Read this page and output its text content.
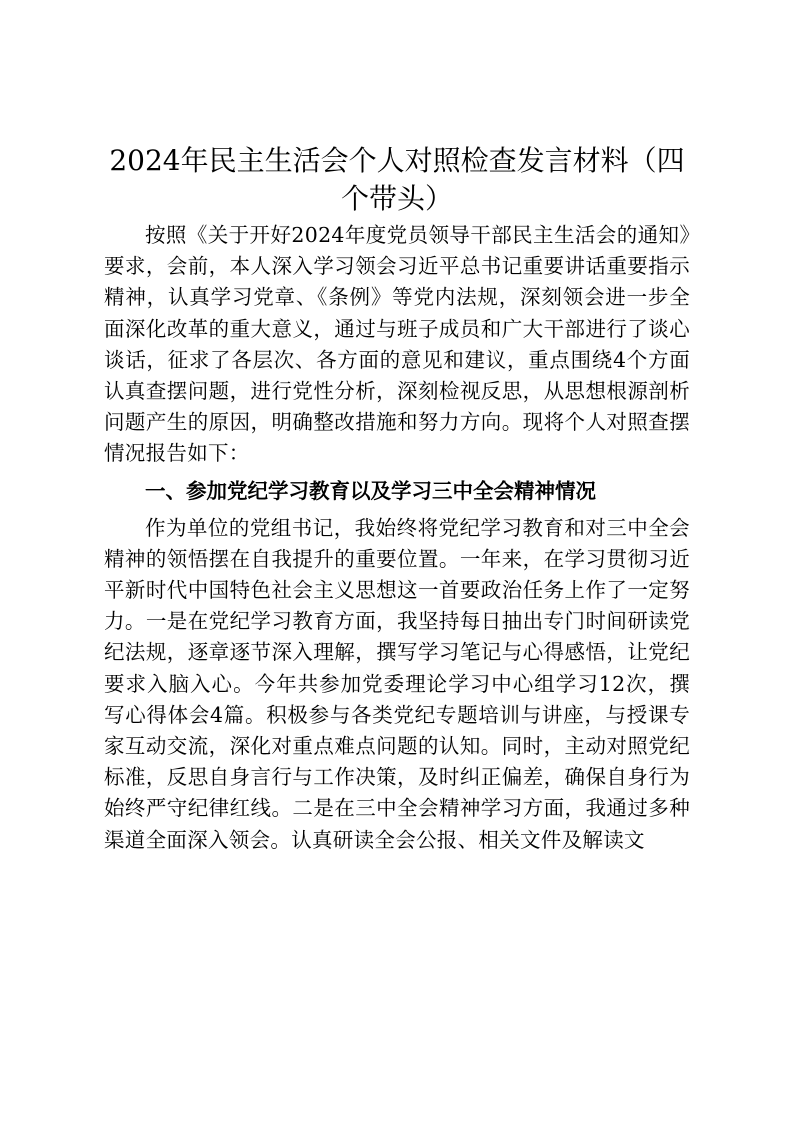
2024年民主生活会个人对照检查发言材料（四个带头）

按照《关于开好2024年度党员领导干部民主生活会的通知》要求，会前，本人深入学习领会习近平总书记重要讲话重要指示精神，认真学习党章、《条例》等党内法规，深刻领会进一步全面深化改革的重大意义，通过与班子成员和广大干部进行了谈心谈话，征求了各层次、各方面的意见和建议，重点围绕4个方面认真查摆问题，进行党性分析，深刻检视反思，从思想根源剖析问题产生的原因，明确整改措施和努力方向。现将个人对照查摆情况报告如下：

一、参加党纪学习教育以及学习三中全会精神情况

作为单位的党组书记，我始终将党纪学习教育和对三中全会精神的领悟摆在自我提升的重要位置。一年来，在学习贯彻习近平新时代中国特色社会主义思想这一首要政治任务上作了一定努力。一是在党纪学习教育方面，我坚持每日抽出专门时间研读党纪法规，逐章逐节深入理解，撰写学习笔记与心得感悟，让党纪要求入脑入心。今年共参加党委理论学习中心组学习12次，撰写心得体会4篇。积极参与各类党纪专题培训与讲座，与授课专家互动交流，深化对重点难点问题的认知。同时，主动对照党纪标准，反思自身言行与工作决策，及时纠正偏差，确保自身行为始终严守纪律红线。二是在三中全会精神学习方面，我通过多种渠道全面深入领会。认真研读全会公报、相关文件及解读文
